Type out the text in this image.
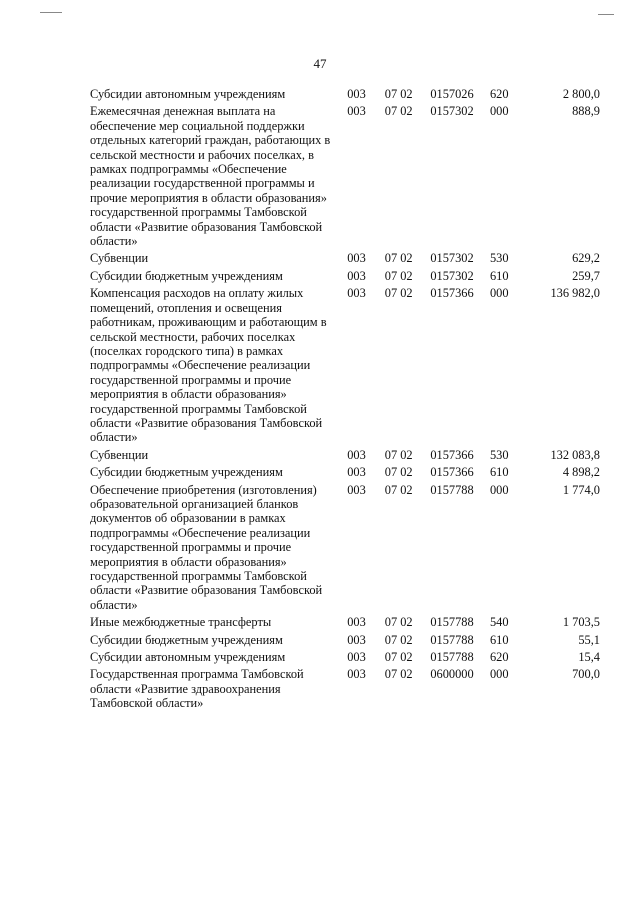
47
Субсидии автономным учреждениям	003	07 02	0157026	620	2 800,0
Ежемесячная денежная выплата на обеспечение мер социальной поддержки отдельных категорий граждан, работающих в сельской местности и рабочих поселках, в рамках подпрограммы «Обеспечение реализации государственной программы и прочие мероприятия в области образования» государственной программы Тамбовской области «Развитие образования Тамбовской области»	003	07 02	0157302	000	888,9
Субвенции	003	07 02	0157302	530	629,2
Субсидии бюджетным учреждениям	003	07 02	0157302	610	259,7
Компенсация расходов на оплату жилых помещений, отопления и освещения работникам, проживающим и работающим в сельской местности, рабочих поселках (поселках городского типа) в рамках подпрограммы «Обеспечение реализации государственной программы и прочие мероприятия в области образования» государственной программы Тамбовской области «Развитие образования Тамбовской области»	003	07 02	0157366	000	136 982,0
Субвенции	003	07 02	0157366	530	132 083,8
Субсидии бюджетным учреждениям	003	07 02	0157366	610	4 898,2
Обеспечение приобретения (изготовления) образовательной организацией бланков документов об образовании в рамках подпрограммы «Обеспечение реализации государственной программы и прочие мероприятия в области образования» государственной программы Тамбовской области «Развитие образования Тамбовской области»	003	07 02	0157788	000	1 774,0
Иные межбюджетные трансферты	003	07 02	0157788	540	1 703,5
Субсидии бюджетным учреждениям	003	07 02	0157788	610	55,1
Субсидии автономным учреждениям	003	07 02	0157788	620	15,4
Государственная программа Тамбовской области «Развитие здравоохранения Тамбовской области»	003	07 02	0600000	000	700,0
